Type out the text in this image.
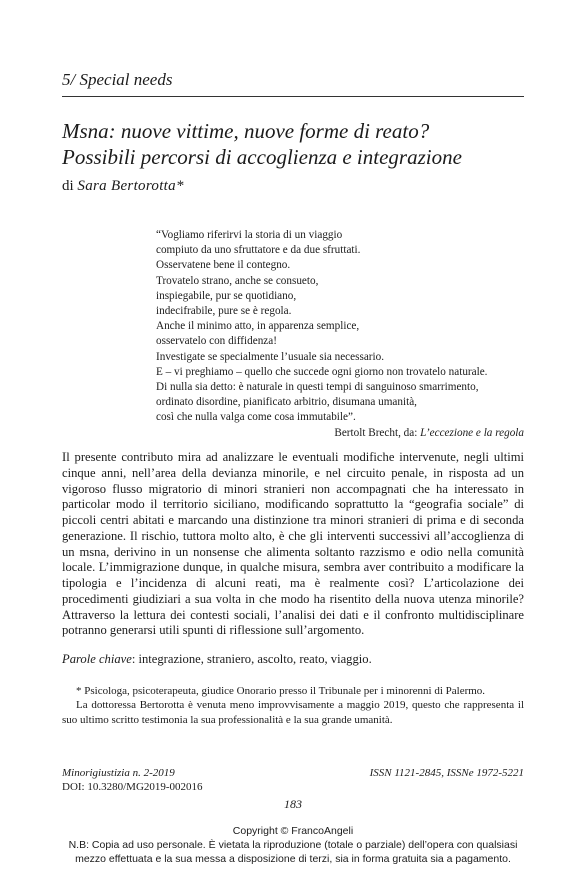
5/ Special needs
Msna: nuove vittime, nuove forme di reato?
Possibili percorsi di accoglienza e integrazione
di Sara Bertorotta*
“Vogliamo riferirvi la storia di un viaggio
compiuto da uno sfruttatore e da due sfruttati.
Osservatene bene il contegno.
Trovatelo strano, anche se consueto,
inspiegabile, pur se quotidiano,
indecifrabile, pure se è regola.
Anche il minimo atto, in apparenza semplice,
osservatelo con diffidenza!
Investigate se specialmente l’usuale sia necessario.
E – vi preghiamo – quello che succede ogni giorno non trovatelo naturale.
Di nulla sia detto: è naturale in questi tempi di sanguinoso smarrimento,
ordinato disordine, pianificato arbitrio, disumana umanità,
così che nulla valga come cosa immutabile”.
Bertolt Brecht, da: L’eccezione e la regola

Il presente contributo mira ad analizzare le eventuali modifiche intervenute, negli ultimi cinque anni, nell’area della devianza minorile, e nel circuito penale, in risposta ad un vigoroso flusso migratorio di minori stranieri non accompagnati che ha interessato in particolar modo il territorio siciliano, modificando soprattutto la “geografia sociale” di piccoli centri abitati e marcando una distinzione tra minori stranieri di prima e di seconda generazione. Il rischio, tuttora molto alto, è che gli interventi successivi all’accoglienza di un msna, derivino in un nonsense che alimenta soltanto razzismo e odio nella comunità locale. L’immigrazione dunque, in qualche misura, sembra aver contribuito a modificare la tipologia e l’incidenza di alcuni reati, ma è realmente così? L’articolazione dei procedimenti giudiziari a sua volta in che modo ha risentito della nuova utenza minorile? Attraverso la lettura dei contesti sociali, l’analisi dei dati e il confronto multidisciplinare potranno generarsi utili spunti di riflessione sull’argomento.

Parole chiave: integrazione, straniero, ascolto, reato, viaggio.

* Psicologa, psicoterapeuta, giudice Onorario presso il Tribunale per i minorenni di Palermo.

La dottoressa Bertorotta è venuta meno improvvisamente a maggio 2019, questo che rappresenta il suo ultimo scritto testimonia la sua professionalità e la sua grande umanità.

Minorigiustizia n. 2-2019
DOI: 10.3280/MG2019-002016
ISSN 1121-2845, ISSNe 1972-5221
183
Copyright © FrancoAngeli
N.B: Copia ad uso personale. È vietata la riproduzione (totale o parziale) dell’opera con qualsiasi
mezzo effettuata e la sua messa a disposizione di terzi, sia in forma gratuita sia a pagamento.
